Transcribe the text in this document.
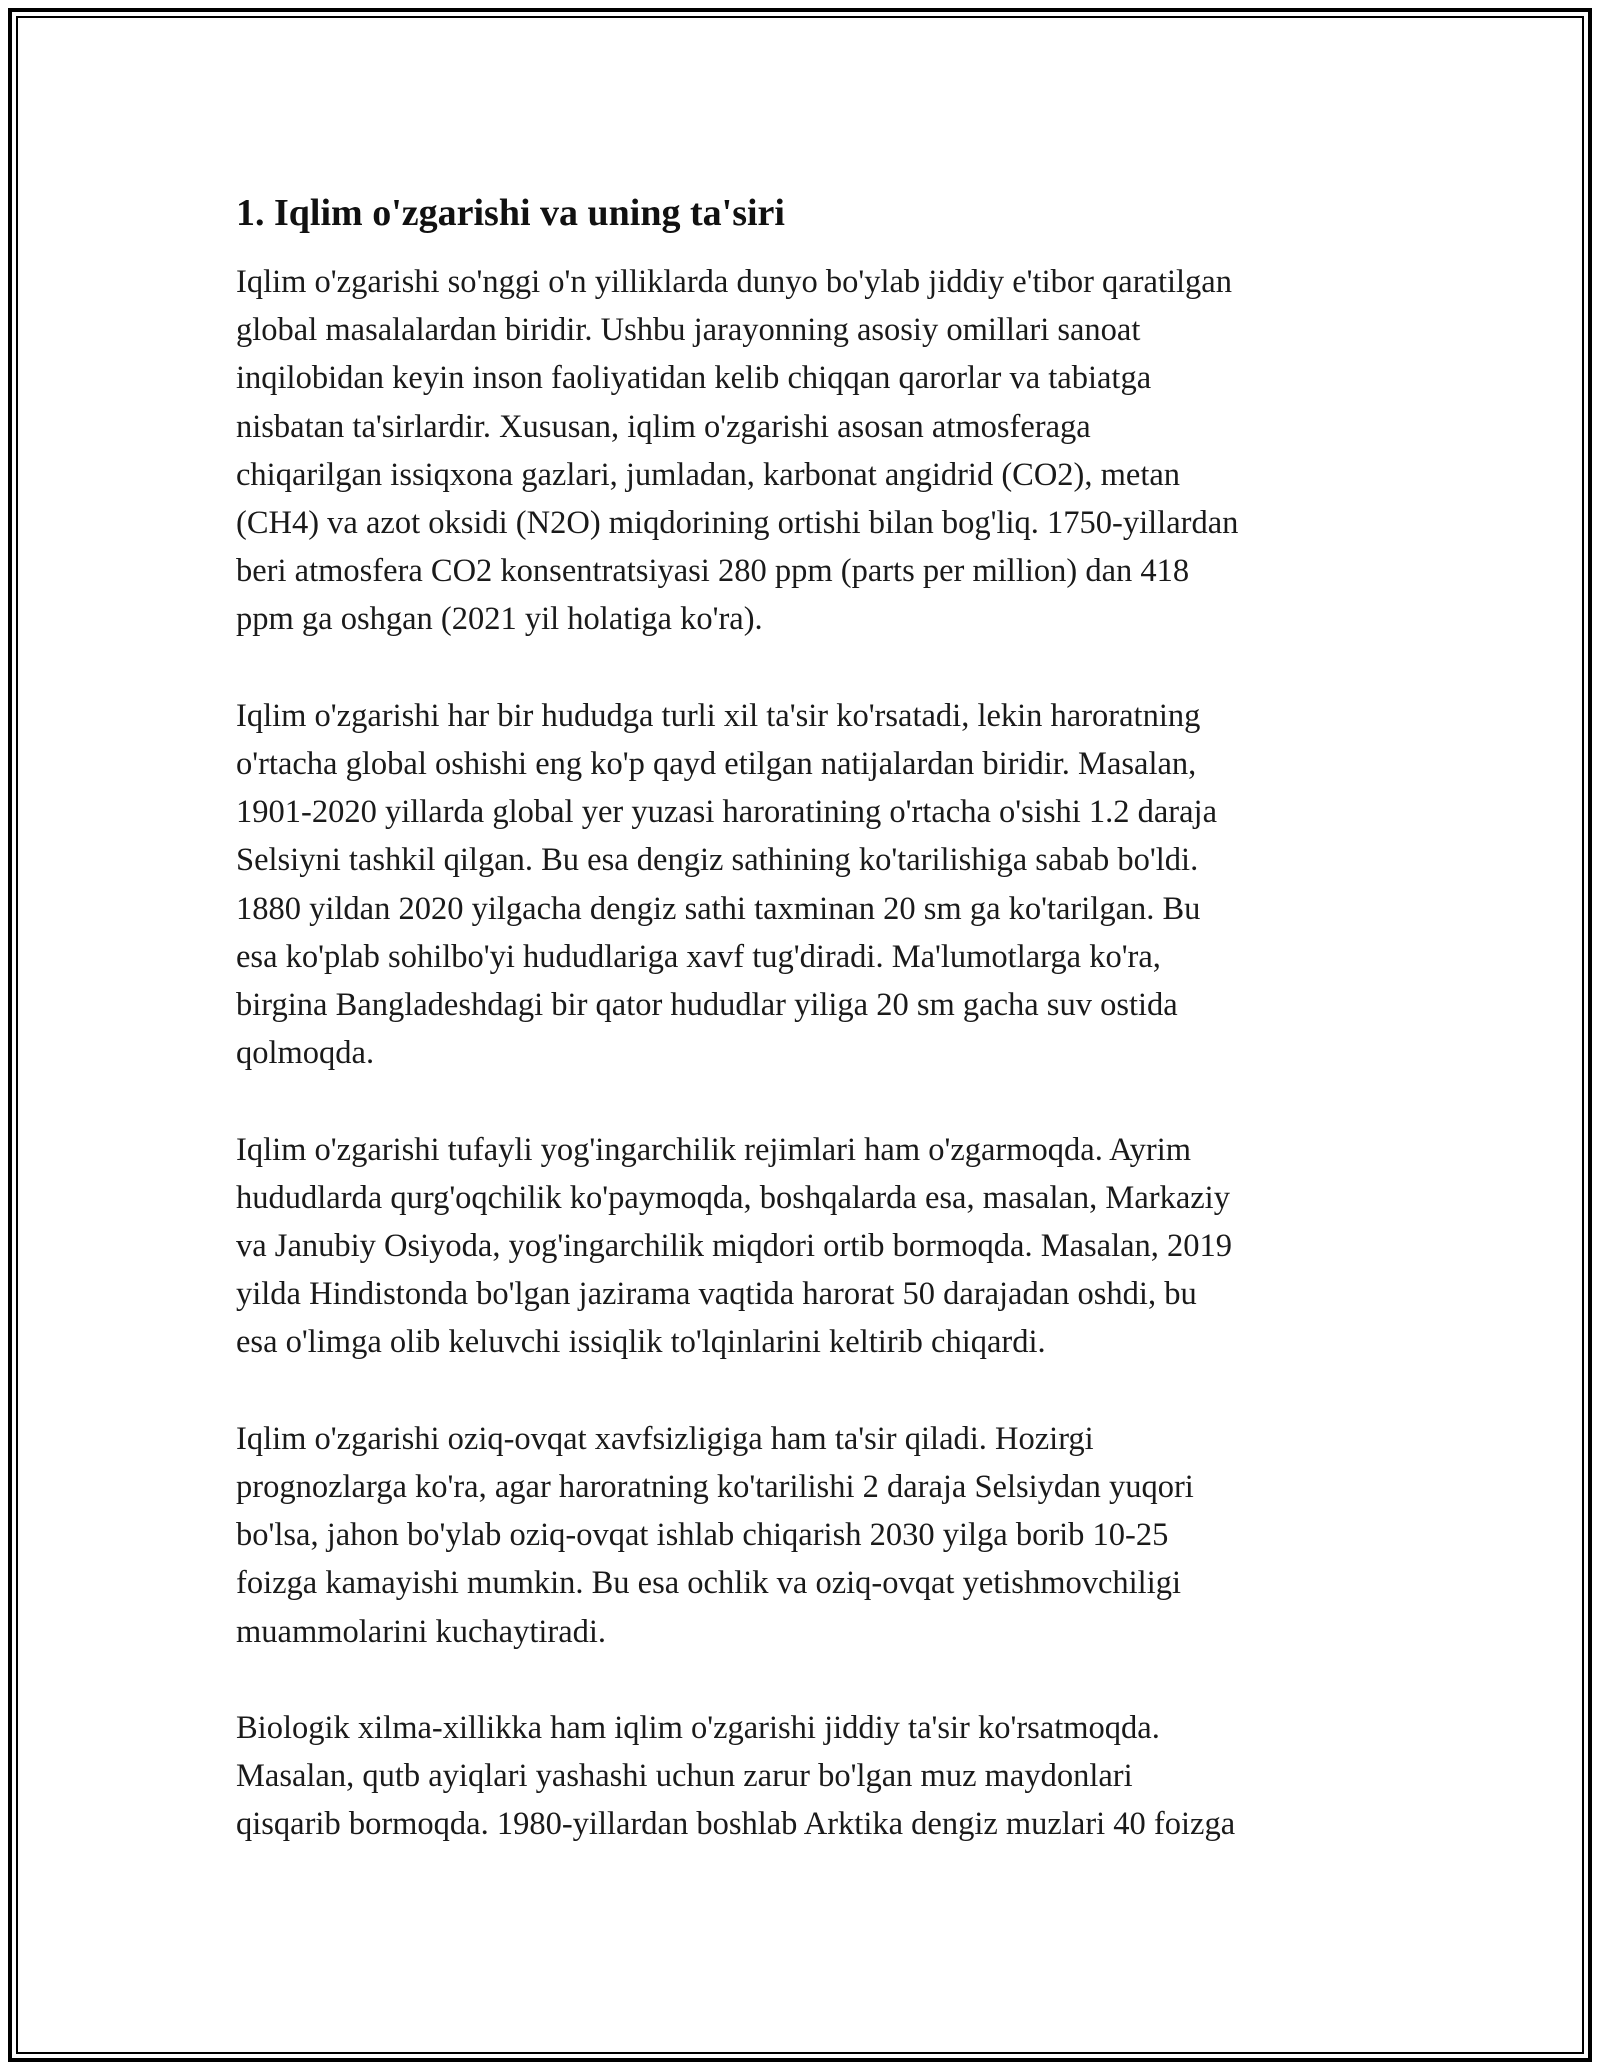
1. Iqlim o'zgarishi va uning ta'siri

Iqlim o'zgarishi so'nggi o'n yilliklarda dunyo bo'ylab jiddiy e'tibor qaratilgan
global masalalardan biridir. Ushbu jarayonning asosiy omillari sanoat
inqilobidan keyin inson faoliyatidan kelib chiqqan qarorlar va tabiatga
nisbatan ta'sirlardir. Xususan, iqlim o'zgarishi asosan atmosferaga
chiqarilgan issiqxona gazlari, jumladan, karbonat angidrid (CO2), metan
(CH4) va azot oksidi (N2O) miqdorining ortishi bilan bog'liq. 1750-yillardan
beri atmosfera CO2 konsentratsiyasi 280 ppm (parts per million) dan 418
ppm ga oshgan (2021 yil holatiga ko'ra).

Iqlim o'zgarishi har bir hududga turli xil ta'sir ko'rsatadi, lekin haroratning
o'rtacha global oshishi eng ko'p qayd etilgan natijalardan biridir. Masalan,
1901-2020 yillarda global yer yuzasi haroratining o'rtacha o'sishi 1.2 daraja
Selsiyni tashkil qilgan. Bu esa dengiz sathining ko'tarilishiga sabab bo'ldi.
1880 yildan 2020 yilgacha dengiz sathi taxminan 20 sm ga ko'tarilgan. Bu
esa ko'plab sohilbo'yi hududlariga xavf tug'diradi. Ma'lumotlarga ko'ra,
birgina Bangladeshdagi bir qator hududlar yiliga 20 sm gacha suv ostida
qolmoqda.

Iqlim o'zgarishi tufayli yog'ingarchilik rejimlari ham o'zgarmoqda. Ayrim
hududlarda qurg'oqchilik ko'paymoqda, boshqalarda esa, masalan, Markaziy
va Janubiy Osiyoda, yog'ingarchilik miqdori ortib bormoqda. Masalan, 2019
yilda Hindistonda bo'lgan jazirama vaqtida harorat 50 darajadan oshdi, bu
esa o'limga olib keluvchi issiqlik to'lqinlarini keltirib chiqardi.

Iqlim o'zgarishi oziq-ovqat xavfsizligiga ham ta'sir qiladi. Hozirgi
prognozlarga ko'ra, agar haroratning ko'tarilishi 2 daraja Selsiydan yuqori
bo'lsa, jahon bo'ylab oziq-ovqat ishlab chiqarish 2030 yilga borib 10-25
foizga kamayishi mumkin. Bu esa ochlik va oziq-ovqat yetishmovchiligi
muammolarini kuchaytiradi.

Biologik xilma-xillikka ham iqlim o'zgarishi jiddiy ta'sir ko'rsatmoqda.
Masalan, qutb ayiqlari yashashi uchun zarur bo'lgan muz maydonlari
qisqarib bormoqda. 1980-yillardan boshlab Arktika dengiz muzlari 40 foizga
